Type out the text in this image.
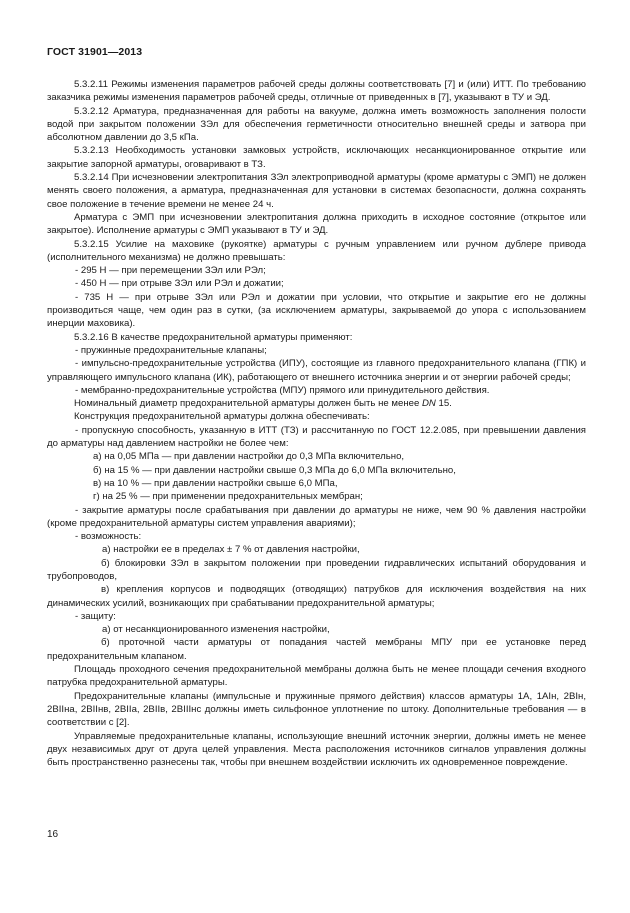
ГОСТ 31901—2013

5.3.2.11 Режимы изменения параметров рабочей среды должны соответствовать [7] и (или) ИТТ. По требованию заказчика режимы изменения параметров рабочей среды, отличные от приведенных в [7], указывают в ТУ и ЭД.

5.3.2.12 Арматура, предназначенная для работы на вакууме, должна иметь возможность заполнения полости водой при закрытом положении ЗЭл для обеспечения герметичности относительно внешней среды и затвора при абсолютном давлении до 3,5 кПа.

5.3.2.13 Необходимость установки замковых устройств, исключающих несанкционированное открытие или закрытие запорной арматуры, оговаривают в ТЗ.

5.3.2.14 При исчезновении электропитания ЗЭл электроприводной арматуры (кроме арматуры с ЭМП) не должен менять своего положения, а арматура, предназначенная для установки в системах безопасности, должна сохранять свое положение в течение времени не менее 24 ч.

Арматура с ЭМП при исчезновении электропитания должна приходить в исходное состояние (открытое или закрытое). Исполнение арматуры с ЭМП указывают в ТУ и ЭД.

5.3.2.15 Усилие на маховике (рукоятке) арматуры с ручным управлением или ручном дублере привода (исполнительного механизма) не должно превышать:

- 295 Н — при перемещении ЗЭл или РЭл;

- 450 Н — при отрыве ЗЭл или РЭл и дожатии;

- 735 Н — при отрыве ЗЭл или РЭл и дожатии при условии, что открытие и закрытие его не должны производиться чаще, чем один раз в сутки, (за исключением арматуры, закрываемой до упора с использованием инерции маховика).

5.3.2.16 В качестве предохранительной арматуры применяют:

- пружинные предохранительные клапаны;

- импульсно-предохранительные устройства (ИПУ), состоящие из главного предохранительного клапана (ГПК) и управляющего импульсного клапана (ИК), работающего от внешнего источника энергии и от энергии рабочей среды;

- мембранно-предохранительные устройства (МПУ) прямого или принудительного действия.

Номинальный диаметр предохранительной арматуры должен быть не менее DN 15.

Конструкция предохранительной арматуры должна обеспечивать:

- пропускную способность, указанную в ИТТ (ТЗ) и рассчитанную по ГОСТ 12.2.085, при превышении давления до арматуры над давлением настройки не более чем:

а) на 0,05 МПа — при давлении настройки до 0,3 МПа включительно,

б) на 15 % — при давлении настройки свыше 0,3 МПа до 6,0 МПа включительно,

в) на 10 % — при давлении настройки свыше 6,0 МПа,

г) на 25 % — при применении предохранительных мембран;

- закрытие арматуры после срабатывания при давлении до арматуры не ниже, чем 90 % давления настройки (кроме предохранительной арматуры систем управления авариями);

- возможность:

а) настройки ее в пределах ± 7 % от давления настройки,

б) блокировки ЗЭл в закрытом положении при проведении гидравлических испытаний оборудования и трубопроводов,

в) крепления корпусов и подводящих (отводящих) патрубков для исключения воздействия на них динамических усилий, возникающих при срабатывании предохранительной арматуры;

- защиту:

а) от несанкционированного изменения настройки,

б) проточной части арматуры от попадания частей мембраны МПУ при ее установке перед предохранительным клапаном.

Площадь проходного сечения предохранительной мембраны должна быть не менее площади сечения входного патрубка предохранительной арматуры.

Предохранительные клапаны (импульсные и пружинные прямого действия) классов арматуры 1А, 1АIн, 2ВIн, 2ВIIна, 2ВIIнв, 2ВIIа, 2ВIIв, 2ВIIIнс должны иметь сильфонное уплотнение по штоку. Дополнительные требования — в соответствии с [2].

Управляемые предохранительные клапаны, использующие внешний источник энергии, должны иметь не менее двух независимых друг от друга целей управления. Места расположения источников сигналов управления должны быть пространственно разнесены так, чтобы при внешнем воздействии исключить их одновременное повреждение.

16
